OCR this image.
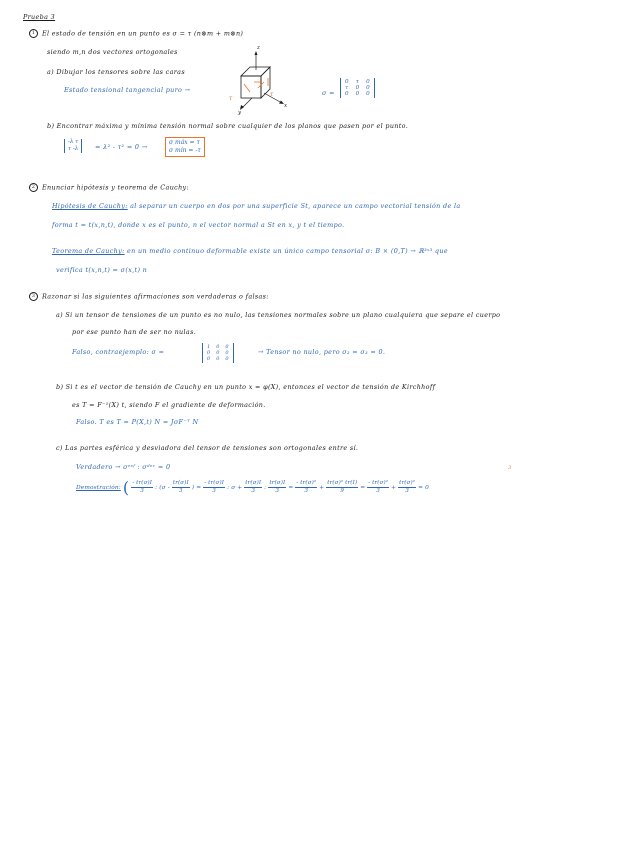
Prueba 3
1 El estado de tensión en un punto es σ = τ (n⊗m + m⊗n)
siendo m,n dos vectores ortogonales
a) Dibujar los tensores sobre las caras
Estado tensional tangencial puro →
τ
τ
z
x
y
σ =
0 τ 0
τ 0 0
0 0 0
b) Encontrar máxima y mínima tensión normal sobre cualquier de los planos que pasen por el punto.
-λ τ
τ -λ	= λ² - τ² = 0 →
σ máx = τ
σ mín = -τ
2 Enunciar hipótesis y teorema de Cauchy:
Hipótesis de Cauchy: al separar un cuerpo en dos por una superficie St, aparece un campo vectorial tensión de la
forma t = t(x,n,t), donde x es el punto, n el vector normal a St en x, y t el tiempo.
Teorema de Cauchy: en un medio continuo deformable existe un único campo tensorial σ: B × (0,T) → ℝ³ˣ³ que
verifica t(x,n,t) = σ(x,t) n
3 Razonar si las siguientes afirmaciones son verdaderas o falsas:
a) Si un tensor de tensiones de un punto es no nulo, las tensiones normales sobre un plano cualquiera que separe el cuerpo
por ese punto han de ser no nulas.
Falso, contraejemplo: σ =
1 0 0
0 0 0
0 0 0
→ Tensor no nulo, pero σ₂ = σ₃ = 0.
b) Si t es el vector de tensión de Cauchy en un punto x = φ(X), entonces el vector de tensión de Kirchhoff
es T = F⁻¹(X) t, siendo F el gradiente de deformación.
Falso. T es T = P(X,t) N = JσF⁻ᵀ N
c) Las partes esférica y desviadora del tensor de tensiones son ortogonales entre sí.
Verdadero → σᵉˢᶠ : σᵈᵉᵛ = 0	3
Demostración: ( $\frac{- tr(\sigma)I}{3}$ : ($\sigma - \frac{tr(\sigma)I}{3}$ ) = $\frac{- tr(\sigma)I}{3}$ : $\sigma + \frac{tr(\sigma)I}{3}$ : $\frac{tr(\sigma)I}{3} = \frac{\text{- tr(σ)²}}{3} + \frac{\text{tr(σ)² tr(I)}}{9} = \frac{\text{- tr(σ)²}}{3} + \frac{\text{tr(σ)²}}{3} = 0$
